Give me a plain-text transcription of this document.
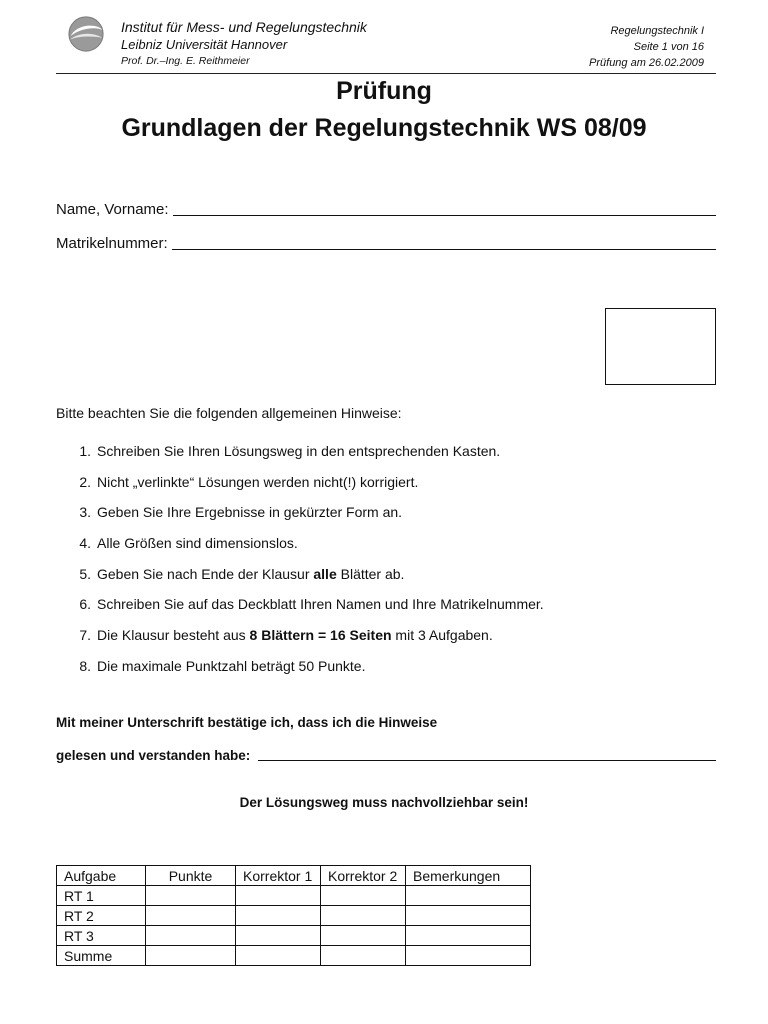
Institut für Mess- und Regelungstechnik
Leibniz Universität Hannover
Prof. Dr.–Ing. E. Reithmeier
Regelungstechnik I
Seite 1 von 16
Prüfung am 26.02.2009
Prüfung
Grundlagen der Regelungstechnik WS 08/09
Name, Vorname:
Matrikelnummer:
Bitte beachten Sie die folgenden allgemeinen Hinweise:
1. Schreiben Sie Ihren Lösungsweg in den entsprechenden Kasten.
2. Nicht „verlinkte“ Lösungen werden nicht(!) korrigiert.
3. Geben Sie Ihre Ergebnisse in gekürzter Form an.
4. Alle Größen sind dimensionslos.
5. Geben Sie nach Ende der Klausur alle Blätter ab.
6. Schreiben Sie auf das Deckblatt Ihren Namen und Ihre Matrikelnummer.
7. Die Klausur besteht aus 8 Blättern = 16 Seiten mit 3 Aufgaben.
8. Die maximale Punktzahl beträgt 50 Punkte.
Mit meiner Unterschrift bestätige ich, dass ich die Hinweise
gelesen und verstanden habe:
Der Lösungsweg muss nachvollziehbar sein!
Aufgabe	Punkte	Korrektor 1	Korrektor 2	Bemerkungen
RT 1				
RT 2				
RT 3				
Summe				
